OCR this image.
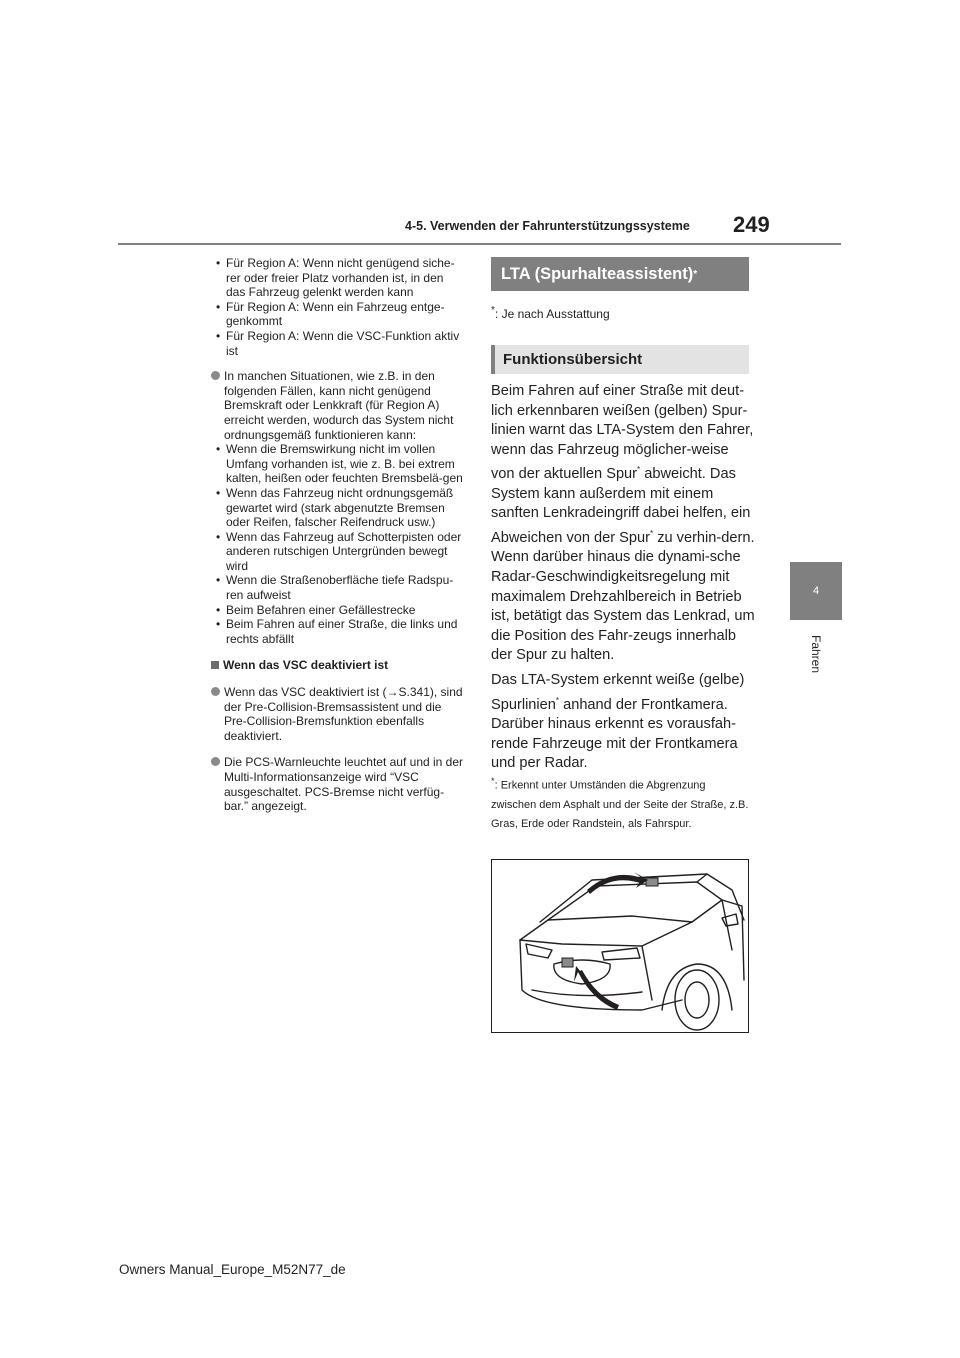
4-5. Verwenden der Fahrunterstützungssysteme 249
4
Fahren
• Für Region A: Wenn nicht genügend siche-rer oder freier Platz vorhanden ist, in den das Fahrzeug gelenkt werden kann
• Für Region A: Wenn ein Fahrzeug entge-genkommt
• Für Region A: Wenn die VSC-Funktion aktiv ist
In manchen Situationen, wie z.B. in den folgenden Fällen, kann nicht genügend Bremskraft oder Lenkkraft (für Region A) erreicht werden, wodurch das System nicht ordnungsgemäß funktionieren kann:
• Wenn die Bremswirkung nicht im vollen Umfang vorhanden ist, wie z. B. bei extrem kalten, heißen oder feuchten Bremsbelä-gen
• Wenn das Fahrzeug nicht ordnungsgemäß gewartet wird (stark abgenutzte Bremsen oder Reifen, falscher Reifendruck usw.)
• Wenn das Fahrzeug auf Schotterpisten oder anderen rutschigen Untergründen bewegt wird
• Wenn die Straßenoberfläche tiefe Radspu-ren aufweist
• Beim Befahren einer Gefällestrecke
• Beim Fahren auf einer Straße, die links und rechts abfällt
Wenn das VSC deaktiviert ist
Wenn das VSC deaktiviert ist (→S.341), sind der Pre-Collision-Bremsassistent und die Pre-Collision-Bremsfunktion ebenfalls deaktiviert.
Die PCS-Warnleuchte leuchtet auf und in der Multi-Informationsanzeige wird “VSC ausgeschaltet. PCS-Bremse nicht verfüg-bar.” angezeigt.
LTA (Spurhalteassistent) *
*: Je nach Ausstattung
Funktionsübersicht

Beim Fahren auf einer Straße mit deut-lich erkennbaren weißen (gelben) Spur-linien warnt das LTA-System den Fahrer, wenn das Fahrzeug möglicher-weise von der aktuellen Spur* abweicht. Das System kann außerdem mit einem sanften Lenkradeingriff dabei helfen, ein Abweichen von der Spur* zu verhin-dern. Wenn darüber hinaus die dynami-sche Radar-Geschwindigkeitsregelung mit maximalem Drehzahlbereich in Betrieb ist, betätigt das System das Lenkrad, um die Position des Fahr-zeugs innerhalb der Spur zu halten.

Das LTA-System erkennt weiße (gelbe) Spurlinien* anhand der Frontkamera. Darüber hinaus erkennt es vorausfah-rende Fahrzeuge mit der Frontkamera und per Radar.

*: Erkennt unter Umständen die Abgrenzung zwischen dem Asphalt und der Seite der Straße, z.B. Gras, Erde oder Randstein, als Fahrspur.
Owners Manual_Europe_M52N77_de
